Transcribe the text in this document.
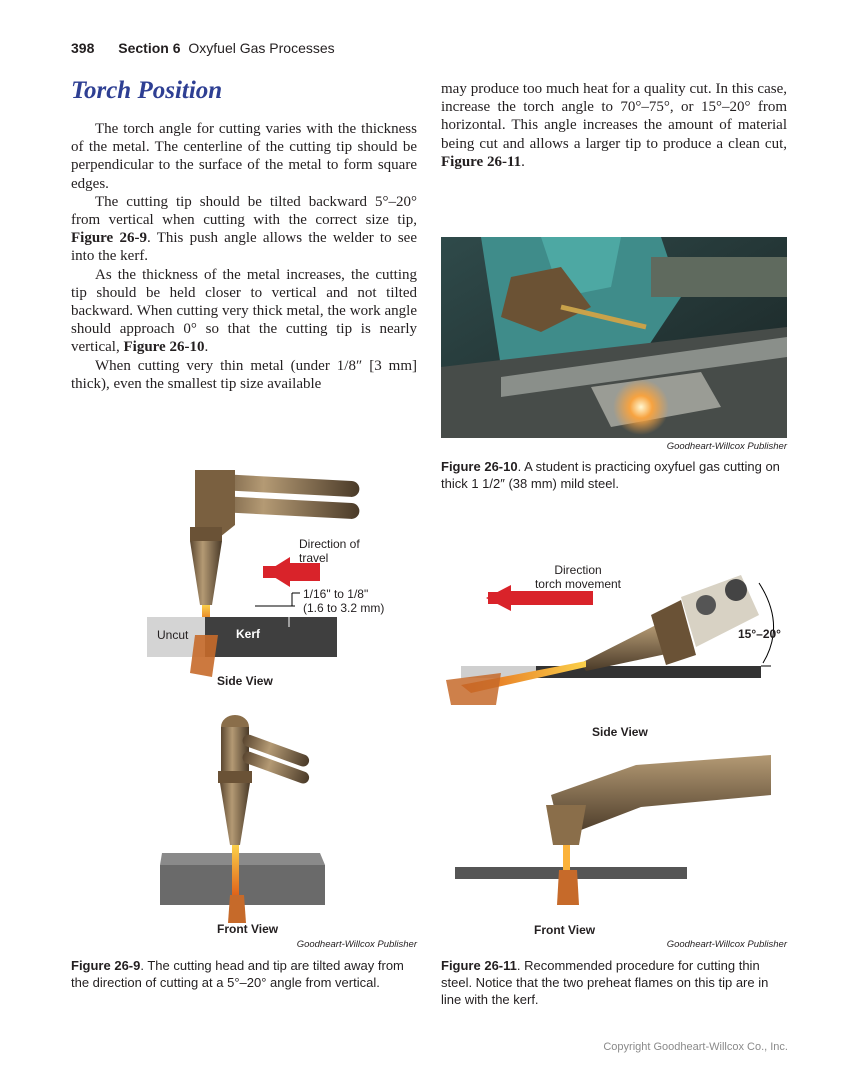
398 Section 6 Oxyfuel Gas Processes
Torch Position

The torch angle for cutting varies with the thickness of the metal. The centerline of the cutting tip should be perpendicular to the surface of the metal to form square edges.

The cutting tip should be tilted backward 5°–20° from vertical when cutting with the correct size tip, Figure 26-9. This push angle allows the welder to see into the kerf.

As the thickness of the metal increases, the cutting tip should be held closer to vertical and not tilted backward. When cutting very thick metal, the work angle should approach 0° so that the cutting tip is nearly vertical, Figure 26-10.

When cutting very thin metal (under 1/8″ [3 mm] thick), even the smallest tip size available

may produce too much heat for a quality cut. In this case, increase the torch angle to 70°–75°, or 15°–20° from horizontal. This angle increases the amount of material being cut and allows a larger tip to produce a clean cut, Figure 26-11.

Goodheart-Willcox Publisher
Figure 26-10. A student is practicing oxyfuel gas cutting on thick 1 1/2″ (38 mm) mild steel.
Direction of travel
1/16" to 1/8"
(1.6 to 3.2 mm)
Uncut	Kerf
Side View
Front View
Goodheart-Willcox Publisher
Figure 26-9. The cutting head and tip are tilted away from the direction of cutting at a 5°–20° angle from vertical.
Direction
torch movement
15°–20°
Side View
Front View
Goodheart-Willcox Publisher
Figure 26-11. Recommended procedure for cutting thin steel. Notice that the two preheat flames on this tip are in line with the kerf.
Copyright Goodheart-Willcox Co., Inc.
